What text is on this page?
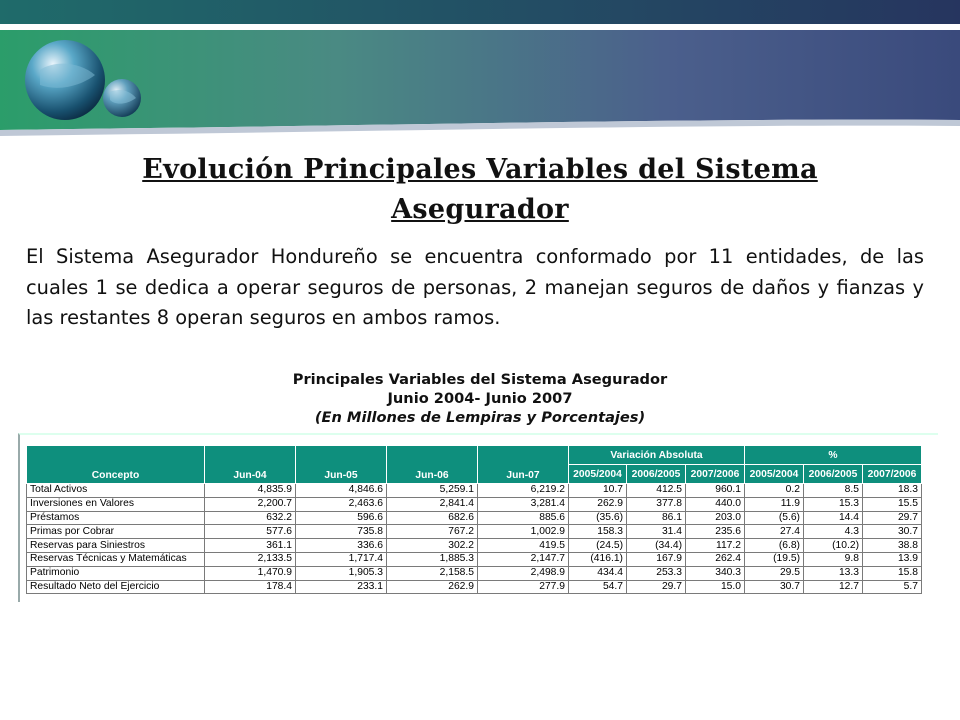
Evolución Principales Variables del Sistema Asegurador
El Sistema Asegurador Hondureño se encuentra conformado por 11 entidades, de las cuales 1 se dedica a operar seguros de personas, 2 manejan seguros de daños y fianzas y las restantes 8 operan seguros en ambos ramos.
Principales Variables del Sistema Asegurador
Junio 2004- Junio 2007
(En Millones de Lempiras y Porcentajes)
Concepto	Jun-04	Jun-05	Jun-06	Jun-07	Variación Absoluta			%		
					2005/2004	2006/2005	2007/2006	2005/2004	2006/2005	2007/2006
Total Activos	4,835.9	4,846.6	5,259.1	6,219.2	10.7	412.5	960.1	0.2	8.5	18.3
Inversiones en Valores	2,200.7	2,463.6	2,841.4	3,281.4	262.9	377.8	440.0	11.9	15.3	15.5
Préstamos	632.2	596.6	682.6	885.6	(35.6)	86.1	203.0	(5.6)	14.4	29.7
Primas por Cobrar	577.6	735.8	767.2	1,002.9	158.3	31.4	235.6	27.4	4.3	30.7
Reservas para Siniestros	361.1	336.6	302.2	419.5	(24.5)	(34.4)	117.2	(6.8)	(10.2)	38.8
Reservas Técnicas y Matemáticas	2,133.5	1,717.4	1,885.3	2,147.7	(416.1)	167.9	262.4	(19.5)	9.8	13.9
Patrimonio	1,470.9	1,905.3	2,158.5	2,498.9	434.4	253.3	340.3	29.5	13.3	15.8
Resultado Neto del Ejercicio	178.4	233.1	262.9	277.9	54.7	29.7	15.0	30.7	12.7	5.7
